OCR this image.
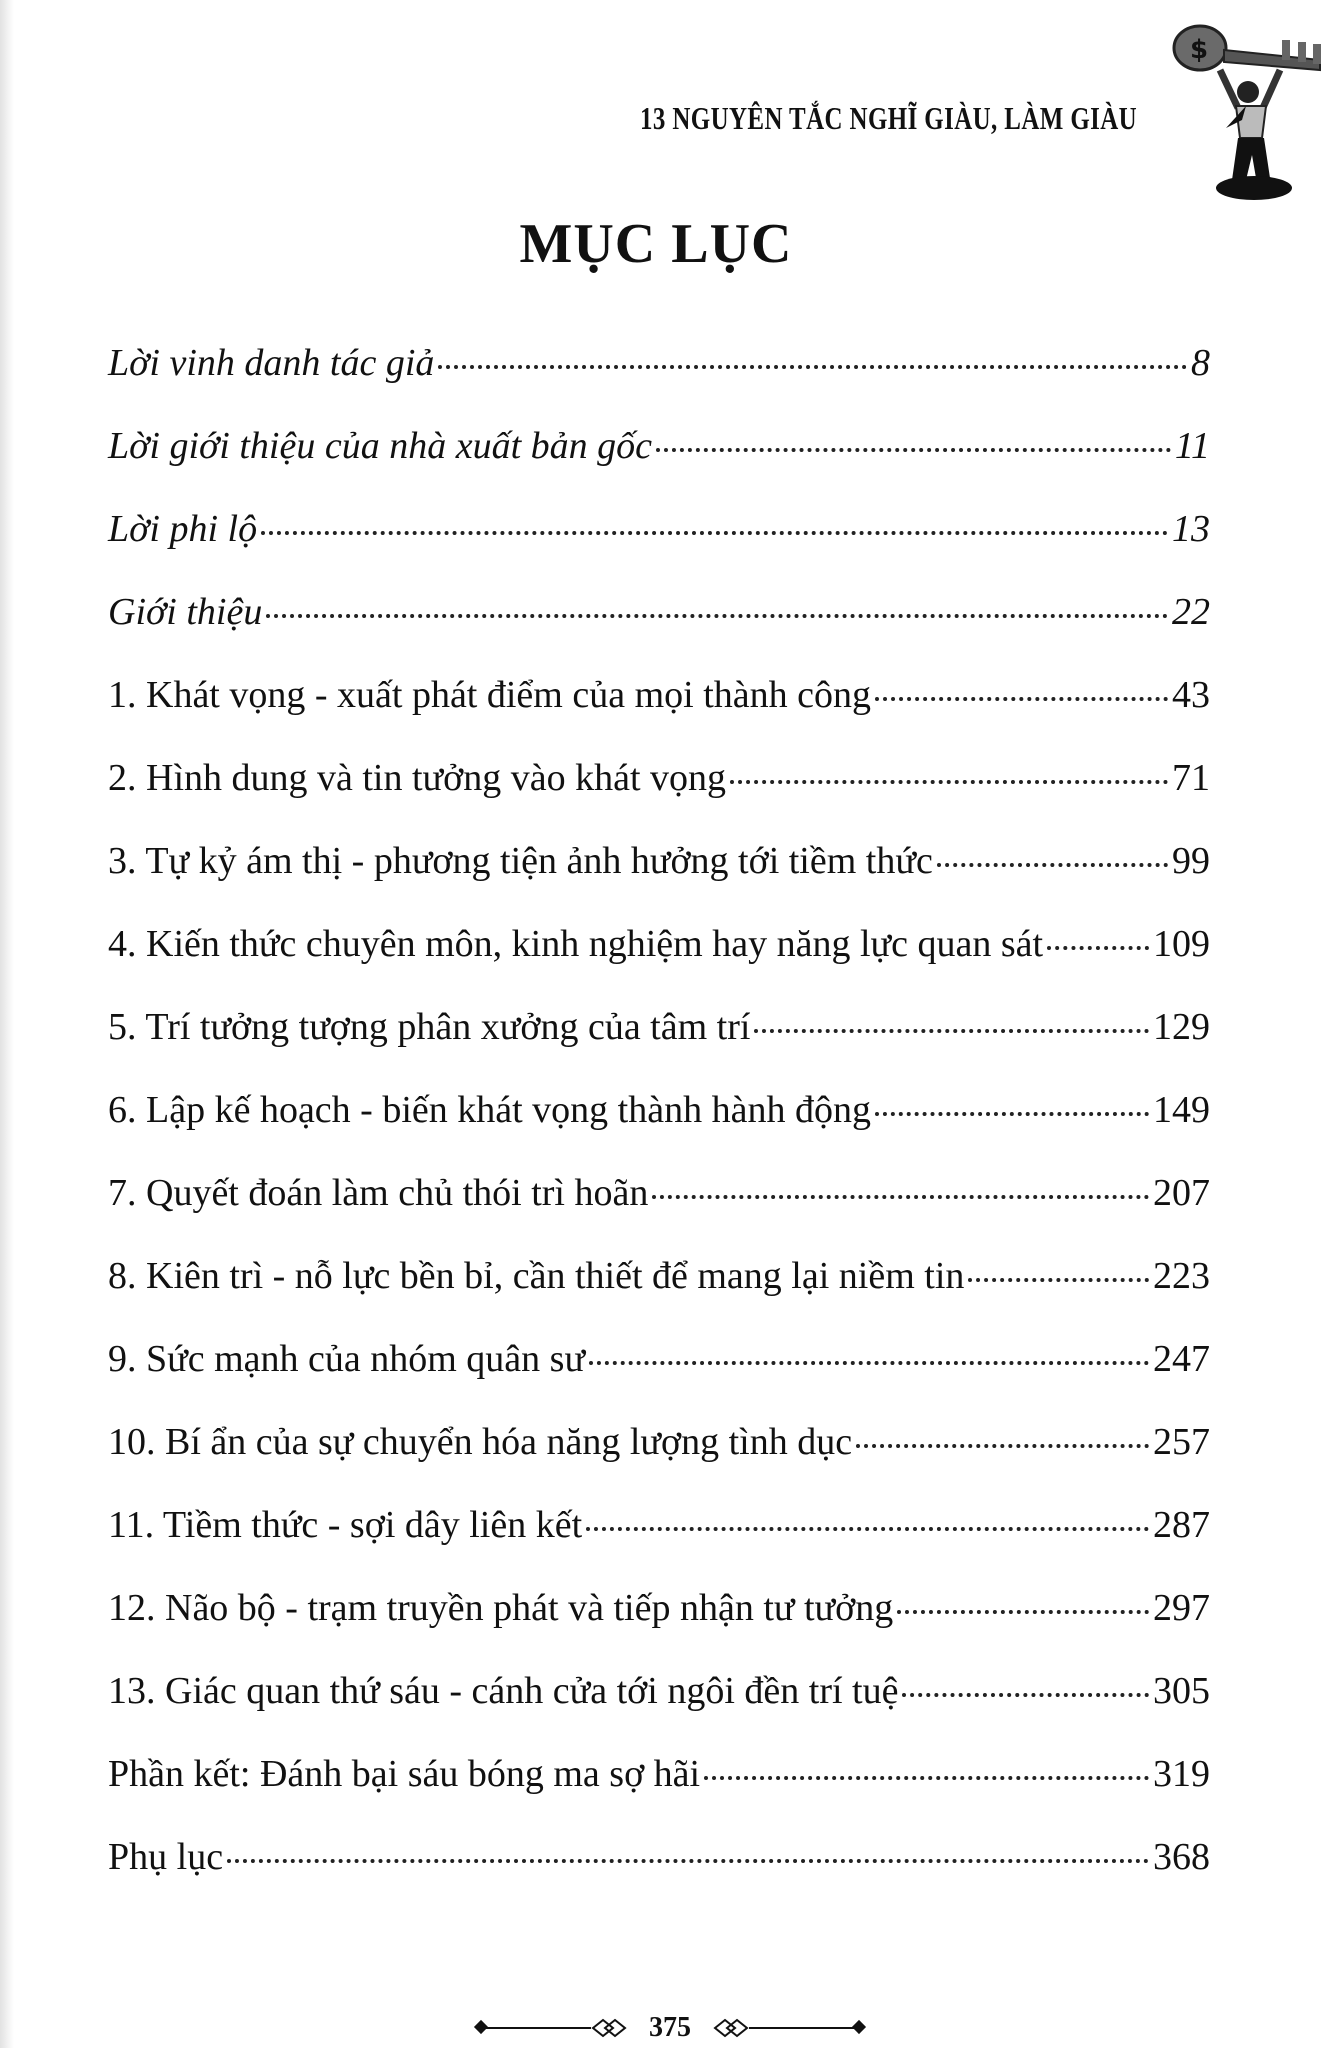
13 NGUYÊN TẮC NGHĨ GIÀU, LÀM GIÀU
$
MỤC LỤC
Lời vinh danh tác giả	8
Lời giới thiệu của nhà xuất bản gốc	11
Lời phi lộ	13
Giới thiệu	22
1. Khát vọng - xuất phát điểm của mọi thành công	43
2. Hình dung và tin tưởng vào khát vọng	71
3. Tự kỷ ám thị - phương tiện ảnh hưởng tới tiềm thức	99
4. Kiến thức chuyên môn, kinh nghiệm hay năng lực quan sát	109
5. Trí tưởng tượng phân xưởng của tâm trí	129
6. Lập kế hoạch - biến khát vọng thành hành động	149
7. Quyết đoán làm chủ thói trì hoãn	207
8. Kiên trì - nỗ lực bền bỉ, cần thiết để mang lại niềm tin	223
9. Sức mạnh của nhóm quân sư	247
10. Bí ẩn của sự chuyển hóa năng lượng tình dục	257
11. Tiềm thức - sợi dây liên kết	287
12. Não bộ - trạm truyền phát và tiếp nhận tư tưởng	297
13. Giác quan thứ sáu - cánh cửa tới ngôi đền trí tuệ	305
Phần kết: Đánh bại sáu bóng ma sợ hãi	319
Phụ lục	368
375
